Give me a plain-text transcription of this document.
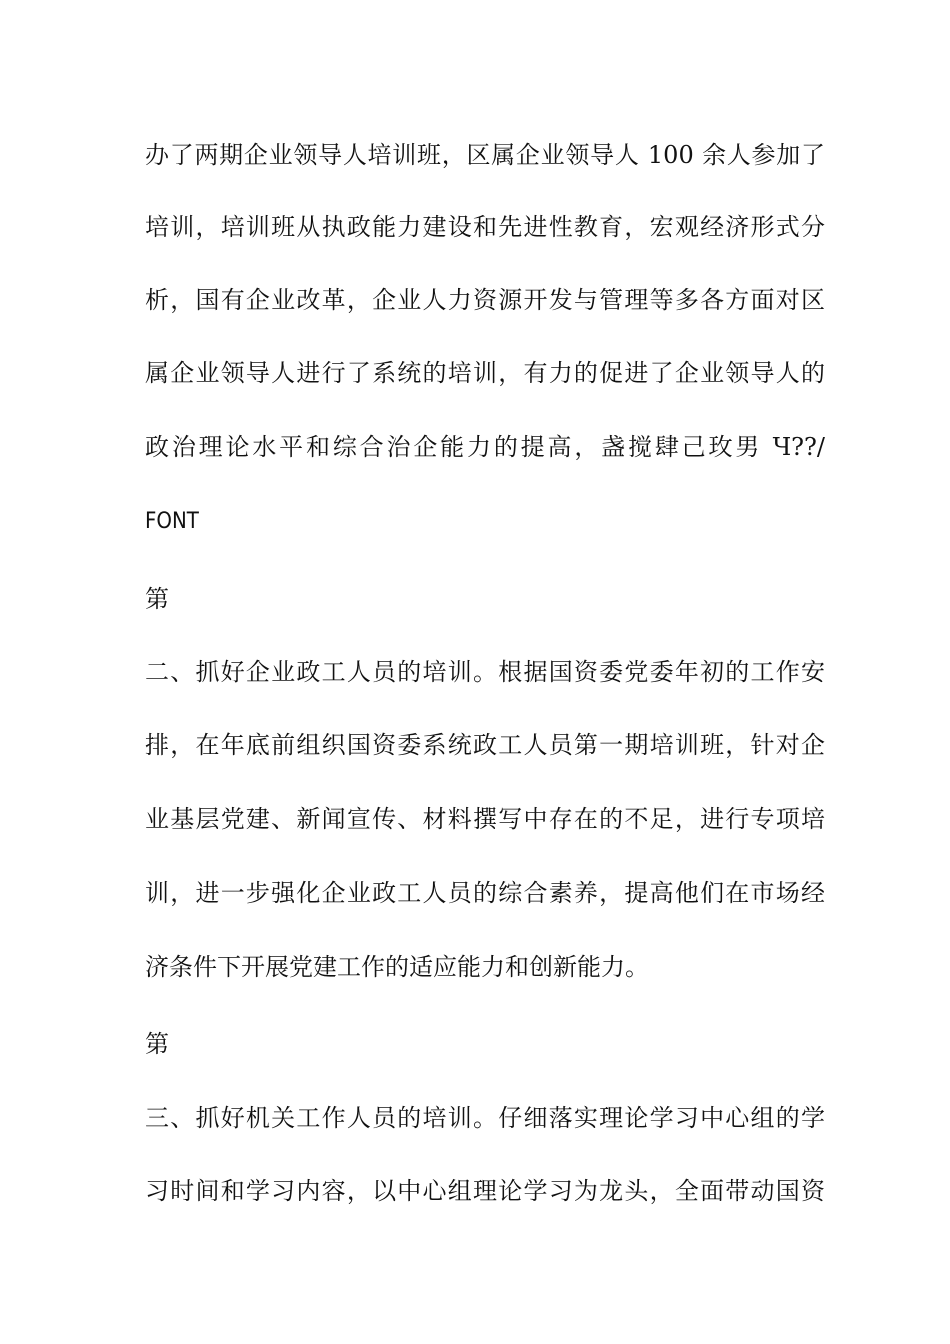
办了两期企业领导人培训班，区属企业领导人 100 余人参加了
培训，培训班从执政能力建设和先进性教育，宏观经济形式分
析，国有企业改革，企业人力资源开发与管理等多各方面对区
属企业领导人进行了系统的培训，有力的促进了企业领导人的
政治理论水平和综合治企能力的提高，盏搅肆己玫男 Ч??/
FONT
第
二、抓好企业政工人员的培训。根据国资委党委年初的工作安
排，在年底前组织国资委系统政工人员第一期培训班，针对企
业基层党建、新闻宣传、材料撰写中存在的不足，进行专项培
训，进一步强化企业政工人员的综合素养，提高他们在市场经
济条件下开展党建工作的适应能力和创新能力。
第
三、抓好机关工作人员的培训。仔细落实理论学习中心组的学
习时间和学习内容，以中心组理论学习为龙头，全面带动国资
